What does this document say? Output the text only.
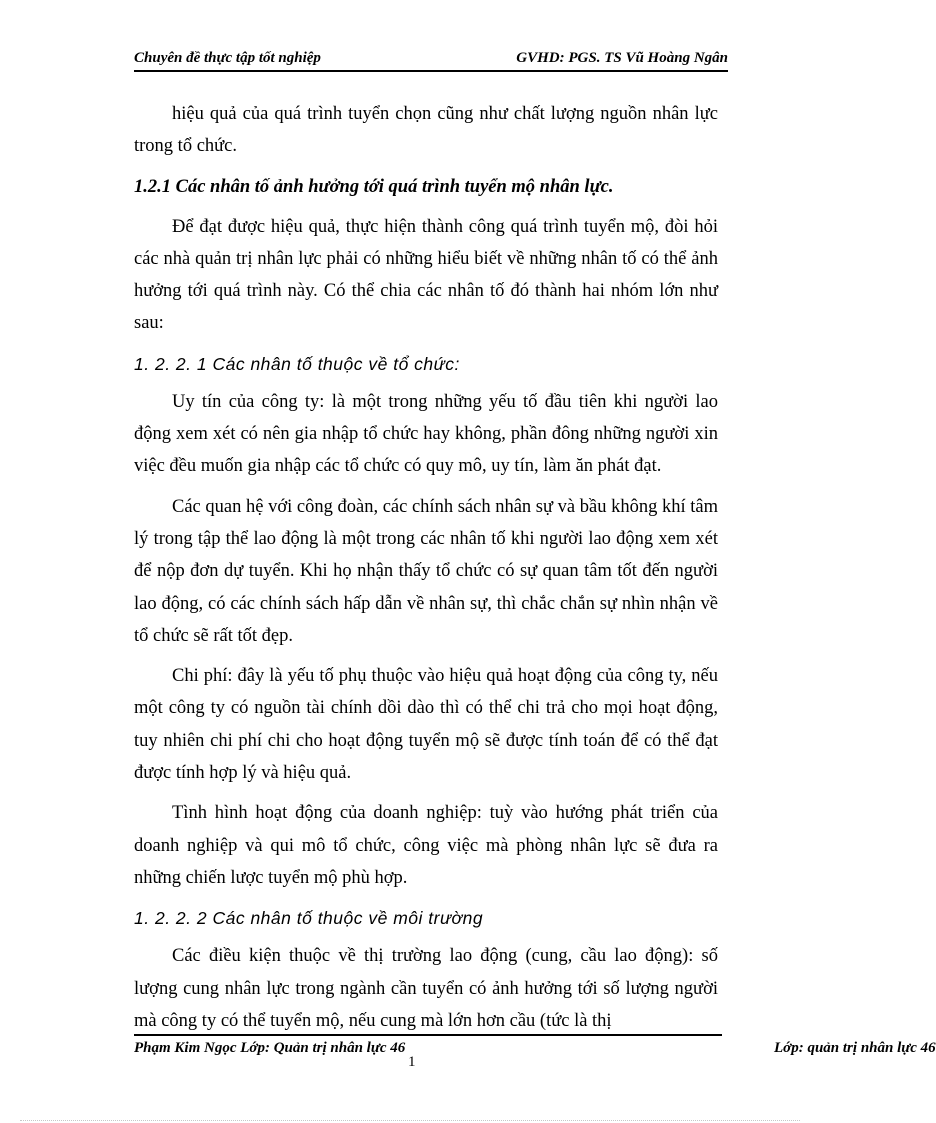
Chuyên đề thực tập tốt nghiệp	GVHD: PGS. TS Vũ Hoàng Ngân

hiệu quả của quá trình tuyển chọn cũng như chất lượng nguồn nhân lực trong tổ chức.

1.2.1 Các nhân tố ảnh hưởng tới quá trình tuyển mộ nhân lực.

Để đạt được hiệu quả, thực hiện thành công quá trình tuyển mộ, đòi hỏi các nhà quản trị nhân lực phải có những hiểu biết về những nhân tố có thể ảnh hưởng tới quá trình này. Có thể chia các nhân tố đó thành hai nhóm lớn như sau:

1. 2. 2. 1 Các nhân tố thuộc về tổ chức:

Uy tín của công ty: là một trong những yếu tố đầu tiên khi người lao động xem xét có nên gia nhập tổ chức hay không, phần đông những người xin việc đều muốn gia nhập các tổ chức có quy mô, uy tín, làm ăn phát đạt.

Các quan hệ với công đoàn, các chính sách nhân sự và bầu không khí tâm lý trong tập thể lao động là một trong các nhân tố khi người lao động xem xét để nộp đơn dự tuyển. Khi họ nhận thấy tổ chức có sự quan tâm tốt đến người lao động, có các chính sách hấp dẫn về nhân sự, thì chắc chắn sự nhìn nhận về tổ chức sẽ rất tốt đẹp.

Chi phí: đây là yếu tố phụ thuộc vào hiệu quả hoạt động của công ty, nếu một công ty có nguồn tài chính dồi dào thì có thể chi trả cho mọi hoạt động, tuy nhiên chi phí chi cho hoạt động tuyển mộ sẽ được tính toán để có thể đạt được tính hợp lý và hiệu quả.

Tình hình hoạt động của doanh nghiệp: tuỳ vào hướng phát triển của doanh nghiệp và qui mô tổ chức, công việc mà phòng nhân lực sẽ đưa ra những chiến lược tuyển mộ phù hợp.

1. 2. 2. 2 Các nhân tố thuộc về môi trường

Các điều kiện thuộc về thị trường lao động (cung, cầu lao động): số lượng cung nhân lực trong ngành cần tuyển có ảnh hưởng tới số lượng người mà công ty có thể tuyển mộ, nếu cung mà lớn hơn cầu (tức là thị

Phạm Kim Ngọc Lớp: Quản trị nhân lực 46	Lớp: quản trị nhân lực 46
1
